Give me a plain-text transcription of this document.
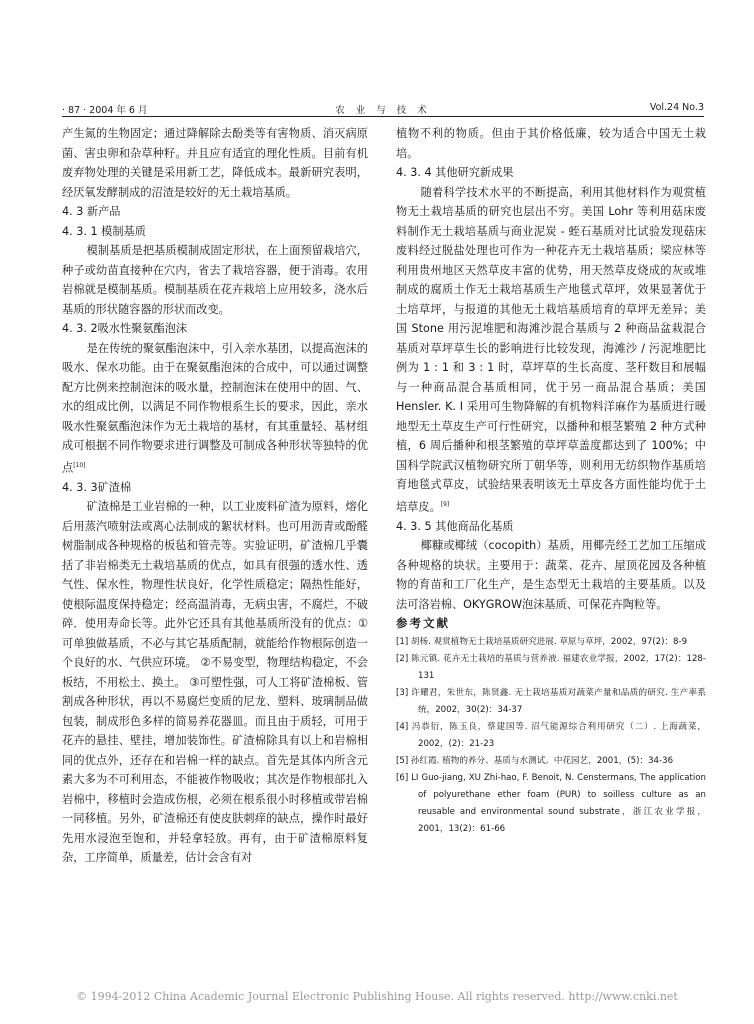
· 87 · 2004 年 6 月	农 业 与 技 术	Vol.24 No.3

产生氮的生物固定；通过降解除去酚类等有害物质、消灭病原菌、害虫卵和杂草种籽。并且应有适宜的理化性质。目前有机废弃物处理的关键是采用新工艺，降低成本。最新研究表明，经厌氧发酵制成的沼渣是较好的无土栽培基质。

4. 3 新产品

4. 3. 1 模制基质

模制基质是把基质模制成固定形状，在上面预留栽培穴，种子或幼苗直接种在穴内，省去了栽培容器，便于消毒。农用岩棉就是模制基质。模制基质在花卉栽培上应用较多，浇水后基质的形状随容器的形状而改变。

4. 3. 2吸水性聚氨酯泡沫

是在传统的聚氨酯泡沫中，引入亲水基团，以提高泡沫的吸水、保水功能。由于在聚氨酯泡沫的合成中，可以通过调整配方比例来控制泡沫的吸水量，控制泡沫在使用中的固、气、水的组成比例，以满足不同作物根系生长的要求，因此，亲水吸水性聚氨酯泡沫作为无土栽培的基材，有其重量轻、基材组成可根据不同作物要求进行调整及可制成各种形状等独特的优点[10]

4. 3. 3矿渣棉

矿渣棉是工业岩棉的一种，以工业废料矿渣为原料，熔化后用蒸汽喷射法或离心法制成的絮状材料。也可用沥青或酚醛树脂制成各种规格的板毡和管壳等。实验证明，矿渣棉几乎囊括了非岩棉类无土栽培基质的优点，如具有很强的透水性、透气性、保水性，物理性状良好，化学性质稳定；隔热性能好，使根际温度保持稳定；经高温消毒，无病虫害，不腐烂，不破碎．使用寿命长等。此外它还具有其他基质所没有的优点：①可单独做基质，不必与其它基质配制，就能给作物根际创造一个良好的水、气供应环境。 ②不易变型，物理结构稳定，不会板结，不用松土、换土。 ③可塑性强，可人工将矿渣棉板、管割成各种形状，再以不易腐烂变质的尼龙、塑料、玻璃制品做包装，制成形色多样的简易养花器皿。而且由于质轻，可用于花卉的悬挂、壁挂，增加装饰性。矿渣棉除具有以上和岩棉相同的优点外，还存在和岩棉一样的缺点。首先是其体内所含元素大多为不可利用态，不能被作物吸收；其次是作物根部扎入岩棉中，移植时会造成伤根，必须在根系很小时移植或带岩棉一同移植。另外，矿渣棉还有使皮肤刺痒的缺点，操作时最好先用水浸泡至饱和，并轻拿轻放。再有，由于矿渣棉原料复杂，工序简单，质量差，估计会含有对

植物不利的物质。但由于其价格低廉，较为适合中国无土栽培。

4. 3. 4 其他研究新成果

随着科学技术水平的不断提高，利用其他材料作为观赏植物无土栽培基质的研究也层出不穷。美国 Lohr 等利用菇床废料制作无土栽培基质与商业泥炭 - 蛭石基质对比试验发现菇床废料经过脱盐处理也可作为一种花卉无土栽培基质；梁应林等利用贵州地区天然草皮丰富的优势，用天然草皮烧成的灰或堆制成的腐质土作无土栽培基质生产地毯式草坪，效果显著优于土培草坪，与报道的其他无土栽培基质培育的草坪无差异；美国 Stone 用污泥堆肥和海滩沙混合基质与 2 种商品盆栽混合基质对草坪草生长的影响进行比较发现，海滩沙 / 污泥堆肥比例为 1 : 1 和 3 : 1 时，草坪草的生长高度、茎秆数目和展幅与一种商品混合基质相同，优于另一商品混合基质；美国 Hensler. K. I 采用可生物降解的有机物料洋麻作为基质进行暖地型无土草皮生产可行性研究，以播种和根茎繁殖 2 种方式种植，6 周后播种和根茎繁殖的草坪草盖度都达到了 100%；中国科学院武汉植物研究所丁朝华等，则利用无纺织物作基质培育地毯式草皮，试验结果表明该无土草皮各方面性能均优于土培草皮。[9]

4. 3. 5 其他商品化基质

椰糠或椰绒（cocopith）基质，用椰壳经工艺加工压缩成各种规格的块状。主要用于：蔬菜、花卉、屋顶花园及各种植物的育苗和工厂化生产，是生态型无土栽培的主要基质。以及法可洛岩棉、OKYGROW泡沫基质、可保花卉陶粒等。

参考文献

[1] 胡杨. 观赏植物无土栽培基质研究进展. 草原与草坪，2002，97(2)：8-9

[2] 陈元镇. 花卉无土栽培的基质与营养液. 福建农业学报，2002，17(2)：128-131

[3] 许耀君，朱世东，陈贤鑫. 无土栽培基质对蔬菜产量和品质的研究. 生产率系统，2002，30(2)：34-37

[4] 冯恭衍，陈玉良，蔡建国等. 沼气能源综合利用研究（二）. 上海蔬菜，2002，(2)：21-23

[5] 孙红霞. 植物的养分、基质与水测试。中花园艺，2001，(5)：34-36

[6] LI Guo-jiang, XU Zhi-hao, F. Benoit, N. Censtermans, The application of polyurethane ether foam (PUR) to soilless culture as an reusable and environmental sound substrate，浙江农业学报，2001，13(2)：61-66

© 1994-2012 China Academic Journal Electronic Publishing House. All rights reserved. http://www.cnki.net
